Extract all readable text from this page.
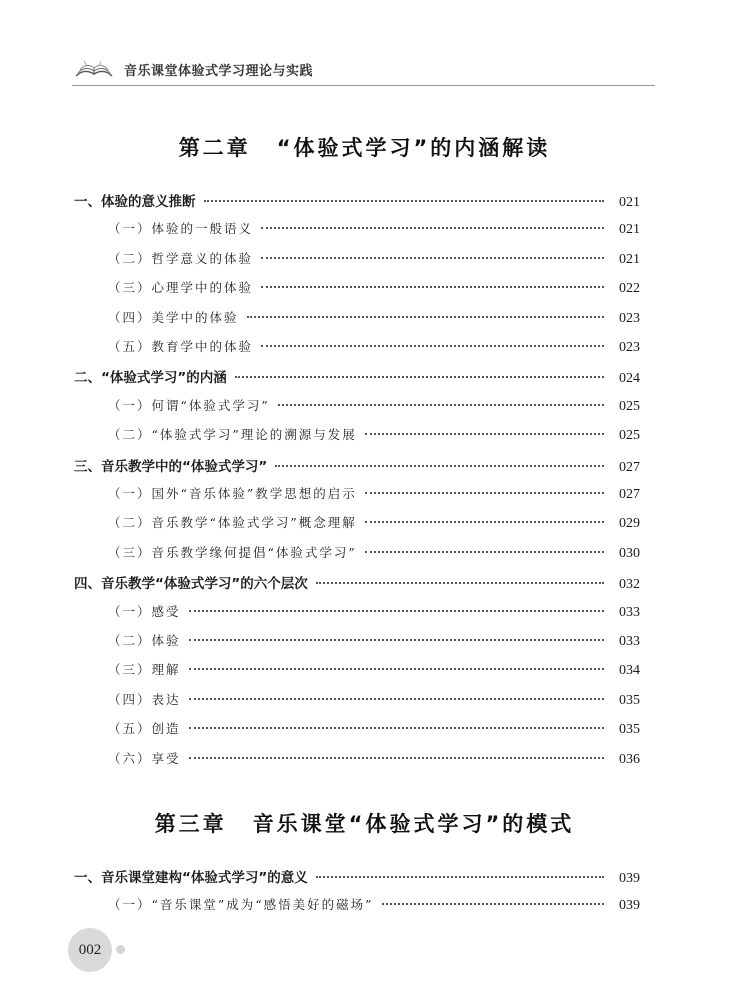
音乐课堂体验式学习理论与实践
第二章 “体验式学习”的内涵解读
一、体验的意义推断	021
（一）体验的一般语义	021
（二）哲学意义的体验	021
（三）心理学中的体验	022
（四）美学中的体验	023
（五）教育学中的体验	023
二、“体验式学习”的内涵	024
（一）何谓“体验式学习”	025
（二）“体验式学习”理论的溯源与发展	025
三、音乐教学中的“体验式学习”	027
（一）国外“音乐体验”教学思想的启示	027
（二）音乐教学“体验式学习”概念理解	029
（三）音乐教学缘何提倡“体验式学习”	030
四、音乐教学“体验式学习”的六个层次	032
（一）感受	033
（二）体验	033
（三）理解	034
（四）表达	035
（五）创造	035
（六）享受	036
第三章 音乐课堂“体验式学习”的模式
一、音乐课堂建构“体验式学习”的意义	039
（一）“音乐课堂”成为“感悟美好的磁场”	039
002
